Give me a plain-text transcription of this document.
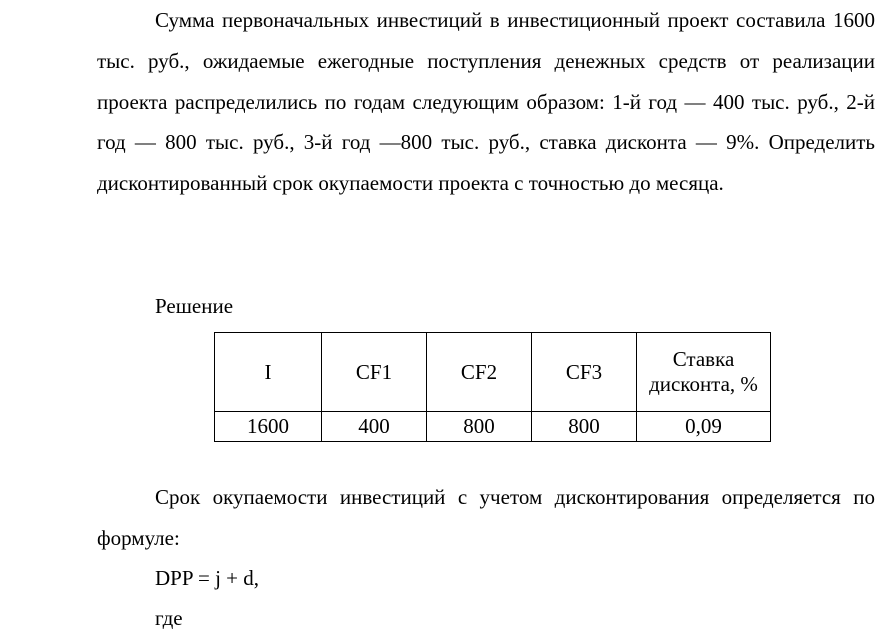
Сумма первоначальных инвестиций в инвестиционный проект составила 1600 тыс. руб., ожидаемые ежегодные поступления денежных средств от реализации проекта распределились по годам следующим образом: 1-й год — 400 тыс. руб., 2-й год — 800 тыс. руб., 3-й год —800 тыс. руб., ставка дисконта — 9%. Определить дисконтированный срок окупаемости проекта с точностью до месяца.

Решение

I	CF1	CF2	CF3	Ставка дисконта, %
1600	400	800	800	0,09

Срок окупаемости инвестиций с учетом дисконтирования определяется по формуле:

DPP = j + d,

где
